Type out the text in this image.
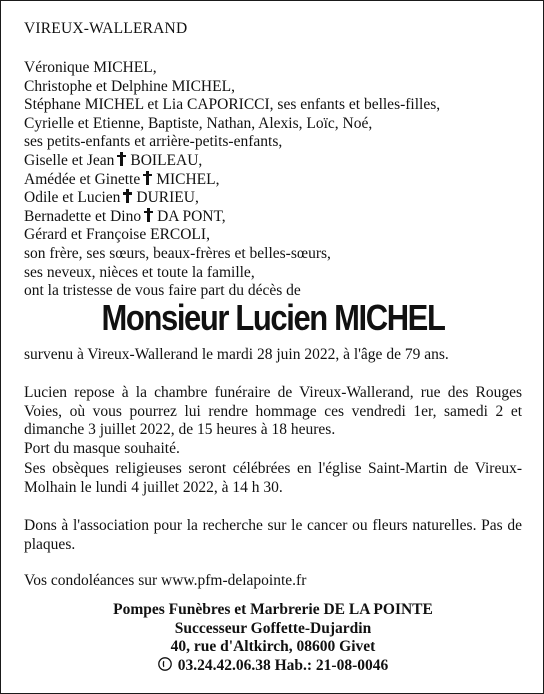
VIREUX-WALLERAND
Véronique MICHEL,
Christophe et Delphine MICHEL,
Stéphane MICHEL et Lia CAPORICCI, ses enfants et belles-filles,
Cyrielle et Etienne, Baptiste, Nathan, Alexis, Loïc, Noé,
ses petits-enfants et arrière-petits-enfants,
Giselle et Jean BOILEAU,
Amédée et Ginette MICHEL,
Odile et Lucien DURIEU,
Bernadette et Dino DA PONT,
Gérard et Françoise ERCOLI,
son frère, ses sœurs, beaux-frères et belles-sœurs,
ses neveux, nièces et toute la famille,
ont la tristesse de vous faire part du décès de
Monsieur Lucien MICHEL
survenu à Vireux-Wallerand le mardi 28 juin 2022, à l'âge de 79 ans.
Lucien repose à la chambre funéraire de Vireux-Wallerand, rue des Rouges Voies, où vous pourrez lui rendre hommage ces vendredi 1er, samedi 2 et dimanche 3 juillet 2022, de 15 heures à 18 heures.
Port du masque souhaité.
Ses obsèques religieuses seront célébrées en l'église Saint-Martin de Vireux-Molhain le lundi 4 juillet 2022, à 14 h 30.
Dons à l'association pour la recherche sur le cancer ou fleurs naturelles. Pas de plaques.
Vos condoléances sur www.pfm-delapointe.fr
Pompes Funèbres et Marbrerie DE LA POINTE
Successeur Goffette-Dujardin
40, rue d'Altkirch, 08600 Givet
03.24.42.06.38 Hab.: 21-08-0046
